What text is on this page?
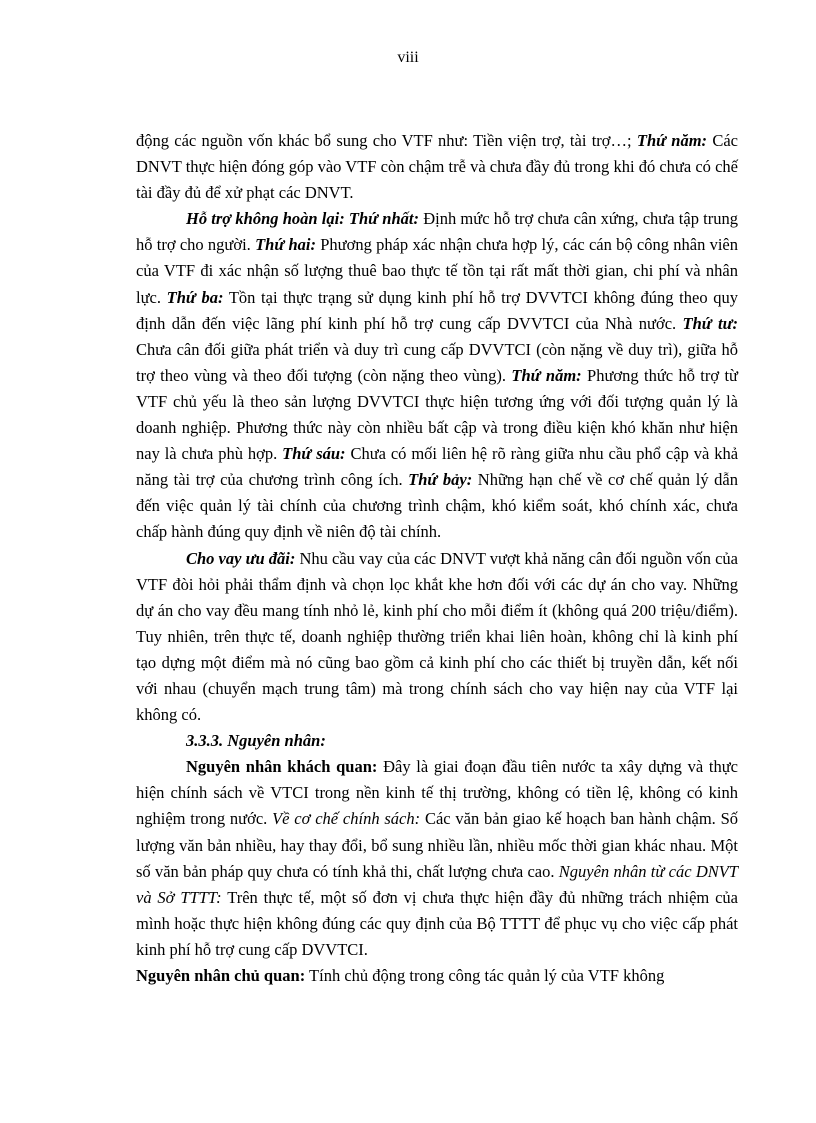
viii

động các nguồn vốn khác bổ sung cho VTF như: Tiền viện trợ, tài trợ…; Thứ năm: Các DNVT thực hiện đóng góp vào VTF còn chậm trễ và chưa đầy đủ trong khi đó chưa có chế tài đầy đủ để xử phạt các DNVT.

Hỗ trợ không hoàn lại: Thứ nhất: Định mức hỗ trợ chưa cân xứng, chưa tập trung hỗ trợ cho người. Thứ hai: Phương pháp xác nhận chưa hợp lý, các cán bộ công nhân viên của VTF đi xác nhận số lượng thuê bao thực tế tồn tại rất mất thời gian, chi phí và nhân lực. Thứ ba: Tồn tại thực trạng sử dụng kinh phí hỗ trợ DVVTCI không đúng theo quy định dẫn đến việc lãng phí kinh phí hỗ trợ cung cấp DVVTCI của Nhà nước. Thứ tư: Chưa cân đối giữa phát triển và duy trì cung cấp DVVTCI (còn nặng về duy trì), giữa hỗ trợ theo vùng và theo đối tượng (còn nặng theo vùng). Thứ năm: Phương thức hỗ trợ từ VTF chủ yếu là theo sản lượng DVVTCI thực hiện tương ứng với đối tượng quản lý là doanh nghiệp. Phương thức này còn nhiều bất cập và trong điều kiện khó khăn như hiện nay là chưa phù hợp. Thứ sáu: Chưa có mối liên hệ rõ ràng giữa nhu cầu phổ cập và khả năng tài trợ của chương trình công ích. Thứ bảy: Những hạn chế về cơ chế quản lý dẫn đến việc quản lý tài chính của chương trình chậm, khó kiểm soát, khó chính xác, chưa chấp hành đúng quy định về niên độ tài chính.

Cho vay ưu đãi: Nhu cầu vay của các DNVT vượt khả năng cân đối nguồn vốn của VTF đòi hỏi phải thẩm định và chọn lọc khắt khe hơn đối với các dự án cho vay. Những dự án cho vay đều mang tính nhỏ lẻ, kinh phí cho mỗi điểm ít (không quá 200 triệu/điểm). Tuy nhiên, trên thực tế, doanh nghiệp thường triển khai liên hoàn, không chỉ là kinh phí tạo dựng một điểm mà nó cũng bao gồm cả kinh phí cho các thiết bị truyền dẫn, kết nối với nhau (chuyển mạch trung tâm) mà trong chính sách cho vay hiện nay của VTF lại không có.

3.3.3. Nguyên nhân:

Nguyên nhân khách quan: Đây là giai đoạn đầu tiên nước ta xây dựng và thực hiện chính sách về VTCI trong nền kinh tế thị trường, không có tiền lệ, không có kinh nghiệm trong nước. Về cơ chế chính sách: Các văn bản giao kế hoạch ban hành chậm. Số lượng văn bản nhiều, hay thay đổi, bổ sung nhiều lần, nhiều mốc thời gian khác nhau. Một số văn bản pháp quy chưa có tính khả thi, chất lượng chưa cao. Nguyên nhân từ các DNVT và Sở TTTT: Trên thực tế, một số đơn vị chưa thực hiện đầy đủ những trách nhiệm của mình hoặc thực hiện không đúng các quy định của Bộ TTTT để phục vụ cho việc cấp phát kinh phí hỗ trợ cung cấp DVVTCI.

Nguyên nhân chủ quan: Tính chủ động trong công tác quản lý của VTF không
